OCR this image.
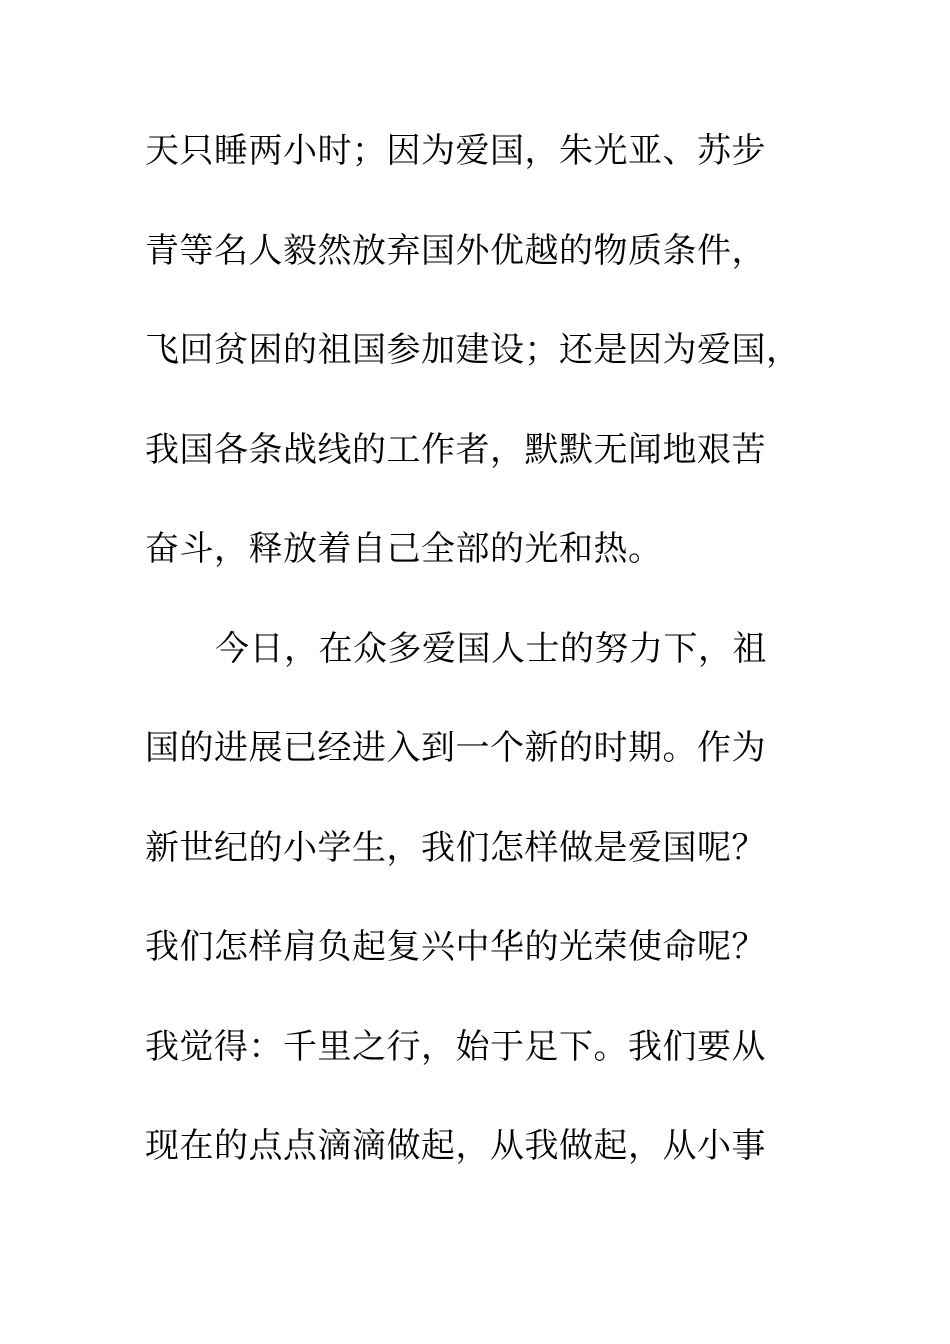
天只睡两小时；因为爱国，朱光亚、苏步
青等名人毅然放弃国外优越的物质条件，
飞回贫困的祖国参加建设；还是因为爱国，
我国各条战线的工作者，默默无闻地艰苦
奋斗，释放着自己全部的光和热。
今日，在众多爱国人士的努力下，祖
国的进展已经进入到一个新的时期。作为
新世纪的小学生，我们怎样做是爱国呢？
我们怎样肩负起复兴中华的光荣使命呢？
我觉得：千里之行，始于足下。我们要从
现在的点点滴滴做起，从我做起，从小事
